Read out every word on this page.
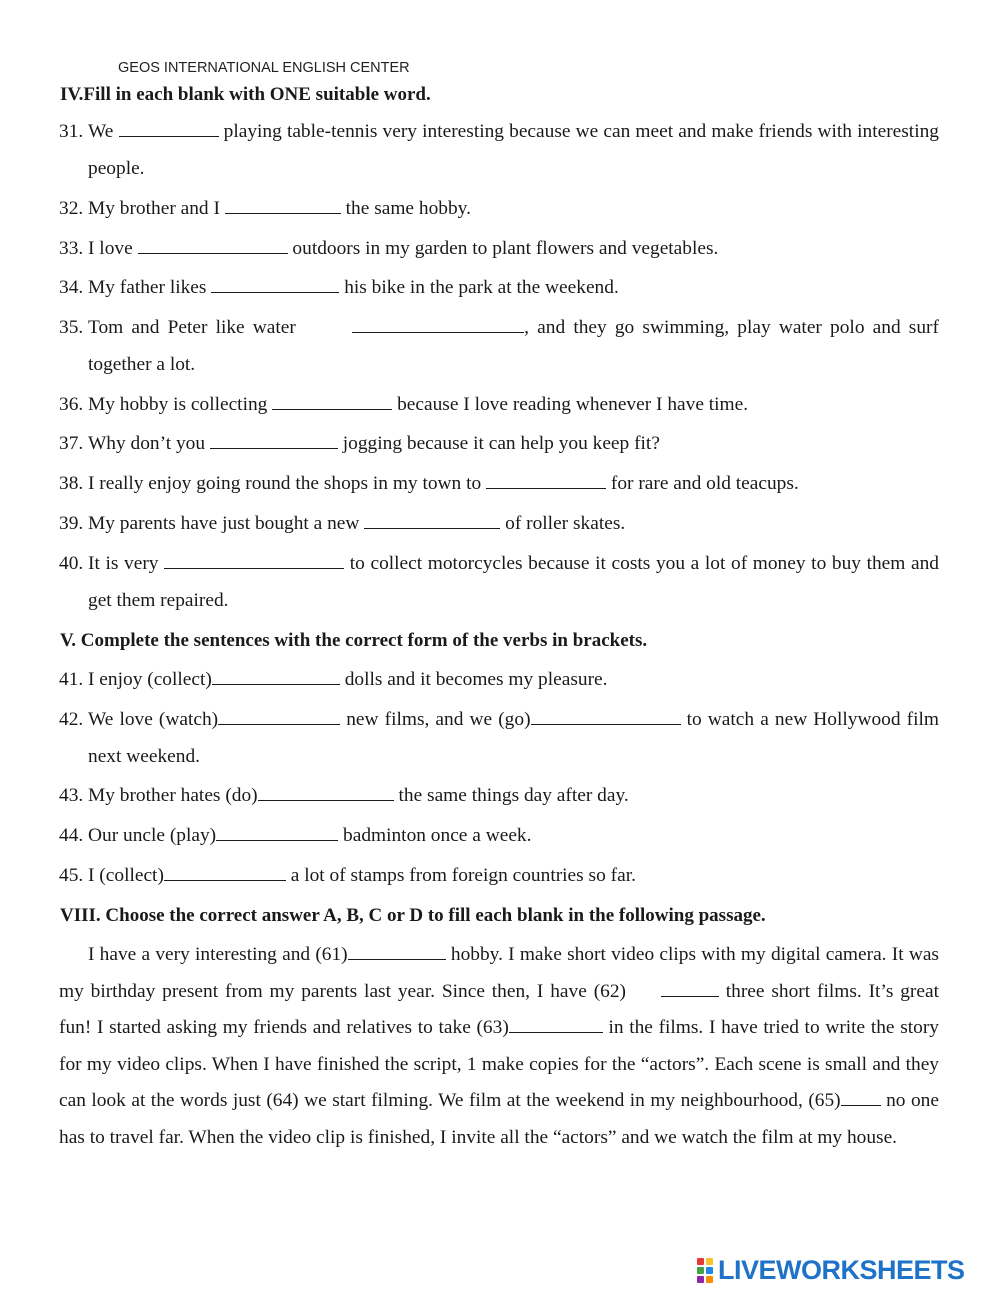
GEOS INTERNATIONAL ENGLISH CENTER
IV.Fill in each blank with ONE suitable word.
31. We	playing table-tennis very interesting because we can meet and make friends with interesting people.
32. My brother and I	the same hobby.
33. I love	outdoors in my garden to plant flowers and vegetables.
34. My father likes	his bike in the park at the weekend.
35. Tom and Peter like water	, and they go swimming, play water polo and surf together a lot.
36. My hobby is collecting	because I love reading whenever I have time.
37. Why don’t you	jogging because it can help you keep fit?
38. I really enjoy going round the shops in my town to	for rare and old teacups.
39. My parents have just bought a new	of roller skates.
40. It is very	to collect motorcycles because it costs you a lot of money to buy them and get them repaired.
V. Complete the sentences with the correct form of the verbs in brackets.
41. I enjoy (collect)	dolls and it becomes my pleasure.
42. We love (watch)	new films, and we (go)	to watch a new Hollywood film next weekend.
43. My brother hates (do)	the same things day after day.
44. Our uncle (play)	badminton once a week.
45. I (collect)	a lot of stamps from foreign countries so far.
VIII. Choose the correct answer A, B, C or D to fill each blank in the following passage.

I have a very interesting and (61)	hobby. I make short video clips with my digital camera. It was my birthday present from my parents last year. Since then, I have (62)	three short films. It’s great fun! I started asking my friends and relatives to take (63)	in the films. I have tried to write the story for my video clips. When I have finished the script, 1 make copies for the “actors”. Each scene is small and they can look at the words just (64) we start filming. We film at the weekend in my neighbourhood, (65) no one has to travel far. When the video clip is finished, I invite all the “actors” and we watch the film at my house.

LIVEWORKSHEETS
